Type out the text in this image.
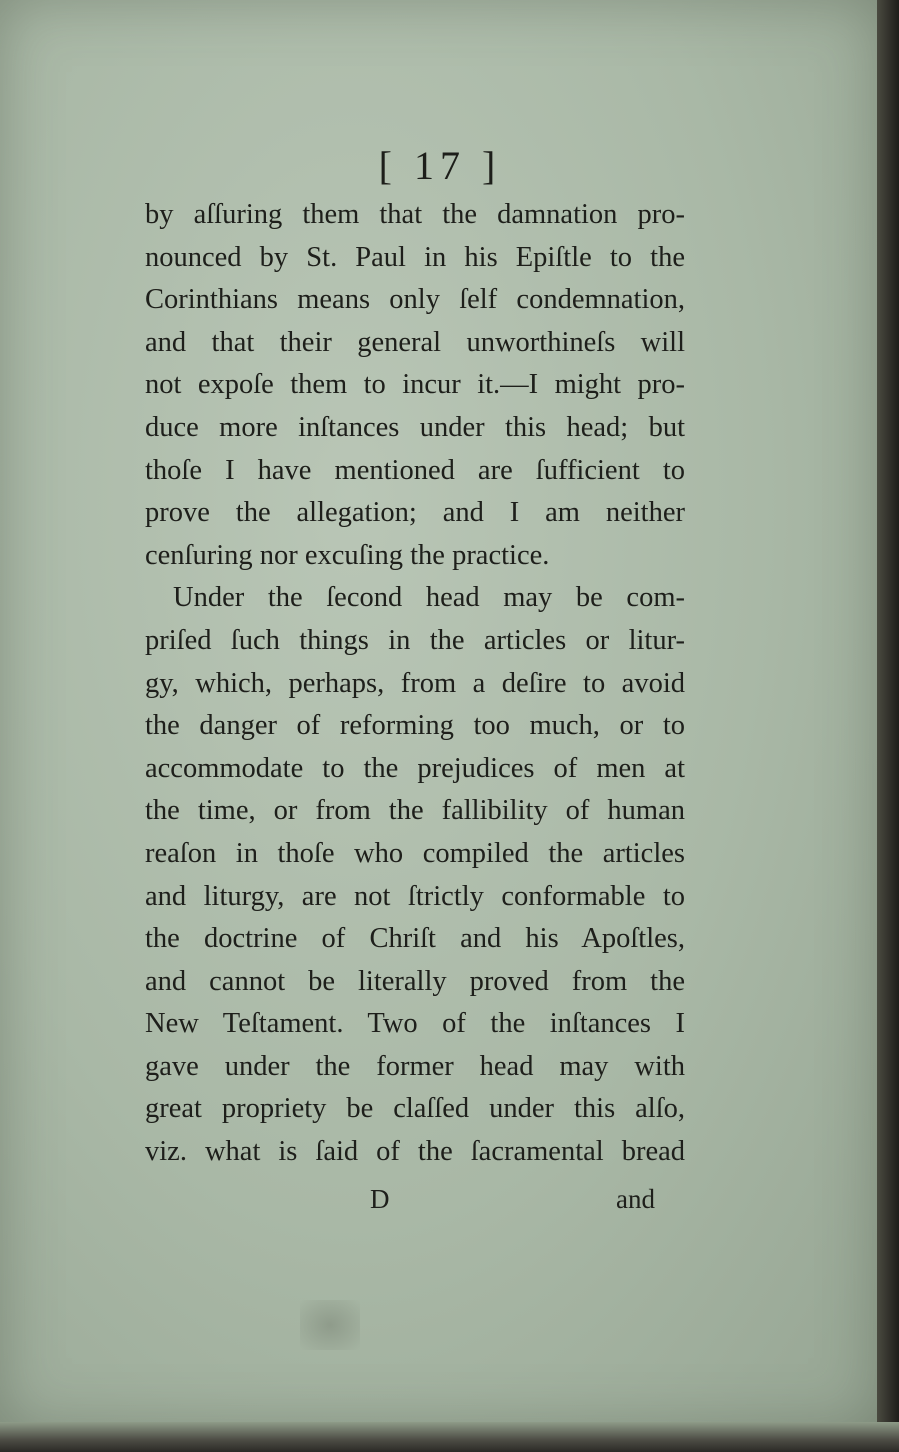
[ 17 ]
by aſſuring them that the damnation pro-
nounced by St. Paul in his Epiſtle to the
Corinthians means only ſelf condemnation,
and that their general unworthineſs will
not expoſe them to incur it.—I might pro-
duce more inſtances under this head; but
thoſe I have mentioned are ſufficient to
prove the allegation; and I am neither
cenſuring nor excuſing the practice.
Under the ſecond head may be com-
priſed ſuch things in the articles or litur-
gy, which, perhaps, from a deſire to avoid
the danger of reforming too much, or to
accommodate to the prejudices of men at
the time, or from the fallibility of human
reaſon in thoſe who compiled the articles
and liturgy, are not ſtrictly conformable to
the doctrine of Chriſt and his Apoſtles,
and cannot be literally proved from the
New Teſtament. Two of the inſtances I
gave under the former head may with
great propriety be claſſed under this alſo,
viz. what is ſaid of the ſacramental bread
D	and
